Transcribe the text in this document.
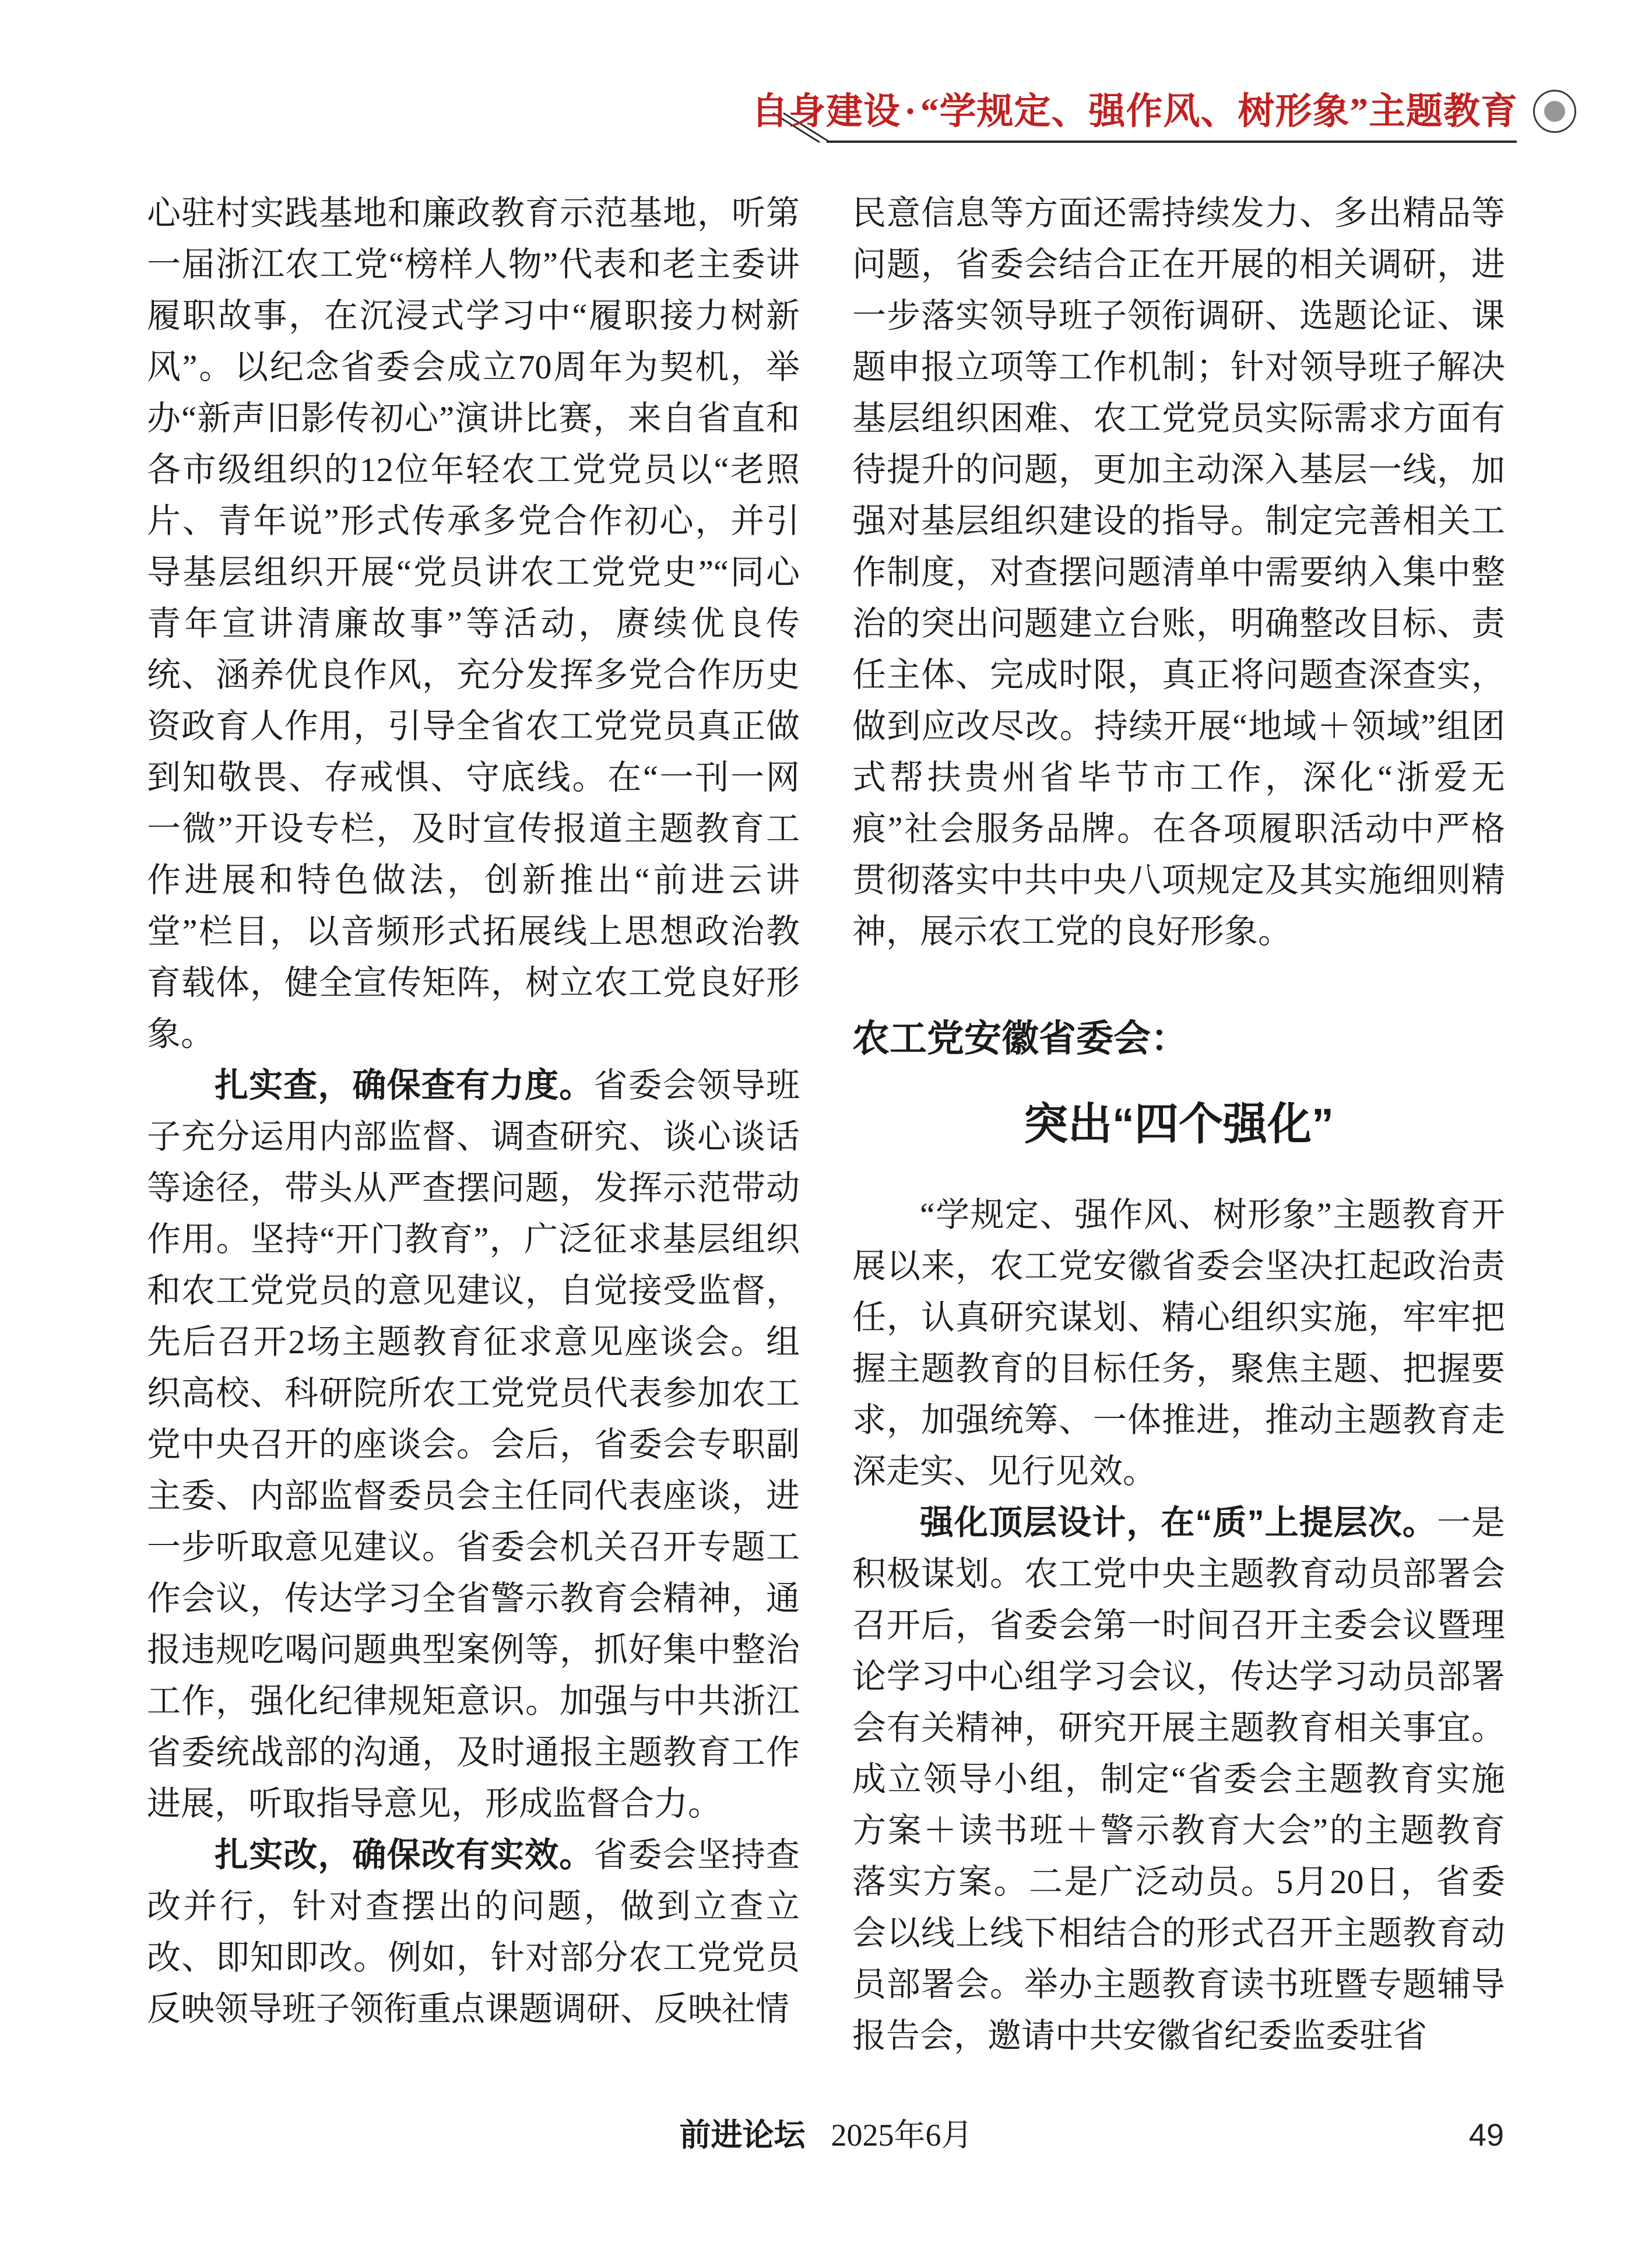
自身建设·“学规定、强作风、树形象”主题教育

心驻村实践基地和廉政教育示范基地，听第一届浙江农工党“榜样人物”代表和老主委讲履职故事，在沉浸式学习中“履职接力树新风”。以纪念省委会成立70周年为契机，举办“新声旧影传初心”演讲比赛，来自省直和各市级组织的12位年轻农工党党员以“老照片、青年说”形式传承多党合作初心，并引导基层组织开展“党员讲农工党党史”“同心青年宣讲清廉故事”等活动，赓续优良传统、涵养优良作风，充分发挥多党合作历史资政育人作用，引导全省农工党党员真正做到知敬畏、存戒惧、守底线。在“一刊一网一微”开设专栏，及时宣传报道主题教育工作进展和特色做法，创新推出“前进云讲堂”栏目，以音频形式拓展线上思想政治教育载体，健全宣传矩阵，树立农工党良好形象。

扎实查，确保查有力度。省委会领导班子充分运用内部监督、调查研究、谈心谈话等途径，带头从严查摆问题，发挥示范带动作用。坚持“开门教育”，广泛征求基层组织和农工党党员的意见建议，自觉接受监督，先后召开2场主题教育征求意见座谈会。组织高校、科研院所农工党党员代表参加农工党中央召开的座谈会。会后，省委会专职副主委、内部监督委员会主任同代表座谈，进一步听取意见建议。省委会机关召开专题工作会议，传达学习全省警示教育会精神，通报违规吃喝问题典型案例等，抓好集中整治工作，强化纪律规矩意识。加强与中共浙江省委统战部的沟通，及时通报主题教育工作进展，听取指导意见，形成监督合力。

扎实改，确保改有实效。省委会坚持查改并行，针对查摆出的问题，做到立查立改、即知即改。例如，针对部分农工党党员反映领导班子领衔重点课题调研、反映社情

民意信息等方面还需持续发力、多出精品等问题，省委会结合正在开展的相关调研，进一步落实领导班子领衔调研、选题论证、课题申报立项等工作机制；针对领导班子解决基层组织困难、农工党党员实际需求方面有待提升的问题，更加主动深入基层一线，加强对基层组织建设的指导。制定完善相关工作制度，对查摆问题清单中需要纳入集中整治的突出问题建立台账，明确整改目标、责任主体、完成时限，真正将问题查深查实，做到应改尽改。持续开展“地域＋领域”组团式帮扶贵州省毕节市工作，深化“浙爱无痕”社会服务品牌。在各项履职活动中严格贯彻落实中共中央八项规定及其实施细则精神，展示农工党的良好形象。

农工党安徽省委会：

突出“四个强化”

“学规定、强作风、树形象”主题教育开展以来，农工党安徽省委会坚决扛起政治责任，认真研究谋划、精心组织实施，牢牢把握主题教育的目标任务，聚焦主题、把握要求，加强统筹、一体推进，推动主题教育走深走实、见行见效。

强化顶层设计，在“质”上提层次。一是积极谋划。农工党中央主题教育动员部署会召开后，省委会第一时间召开主委会议暨理论学习中心组学习会议，传达学习动员部署会有关精神，研究开展主题教育相关事宜。成立领导小组，制定“省委会主题教育实施方案＋读书班＋警示教育大会”的主题教育落实方案。二是广泛动员。5月20日，省委会以线上线下相结合的形式召开主题教育动员部署会。举办主题教育读书班暨专题辅导报告会，邀请中共安徽省纪委监委驻省

前进论坛 2025年6月	49
